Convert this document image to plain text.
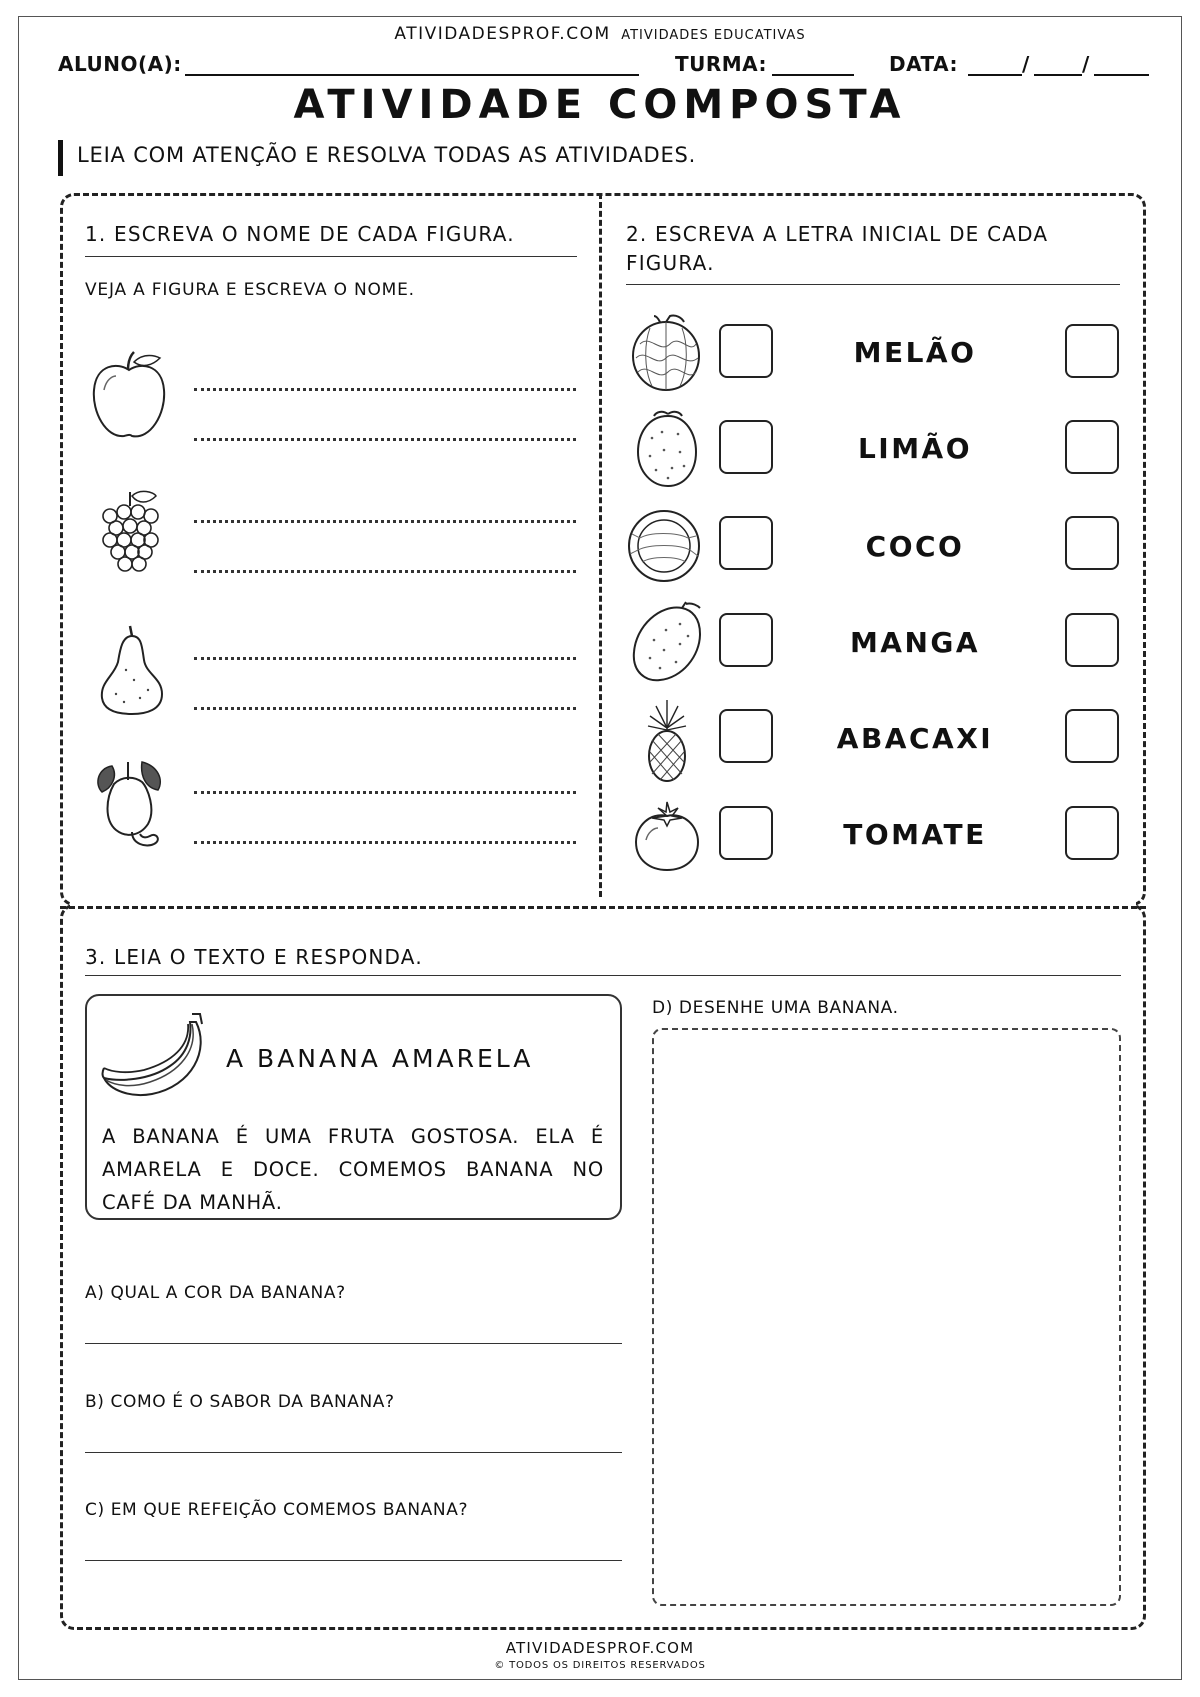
ATIVIDADESPROF.COM ATIVIDADES EDUCATIVAS
ALUNO(A):	TURMA:	DATA:	/	/
ATIVIDADE COMPOSTA
LEIA COM ATENÇÃO E RESOLVA TODAS AS ATIVIDADES.
1. ESCREVA O NOME DE CADA FIGURA.
VEJA A FIGURA E ESCREVA O NOME.
2. ESCREVA A LETRA INICIAL DE CADA
FIGURA.
MELÃO
LIMÃO
COCO
MANGA
ABACAXI
TOMATE
3. LEIA O TEXTO E RESPONDA.
A BANANA AMARELA
A BANANA É UMA FRUTA GOSTOSA. ELA É AMARELA E DOCE. COMEMOS BANANA NO CAFÉ DA MANHÃ.
A) QUAL A COR DA BANANA?
B) COMO É O SABOR DA BANANA?
C) EM QUE REFEIÇÃO COMEMOS BANANA?
D) DESENHE UMA BANANA.
ATIVIDADESPROF.COM
© TODOS OS DIREITOS RESERVADOS
